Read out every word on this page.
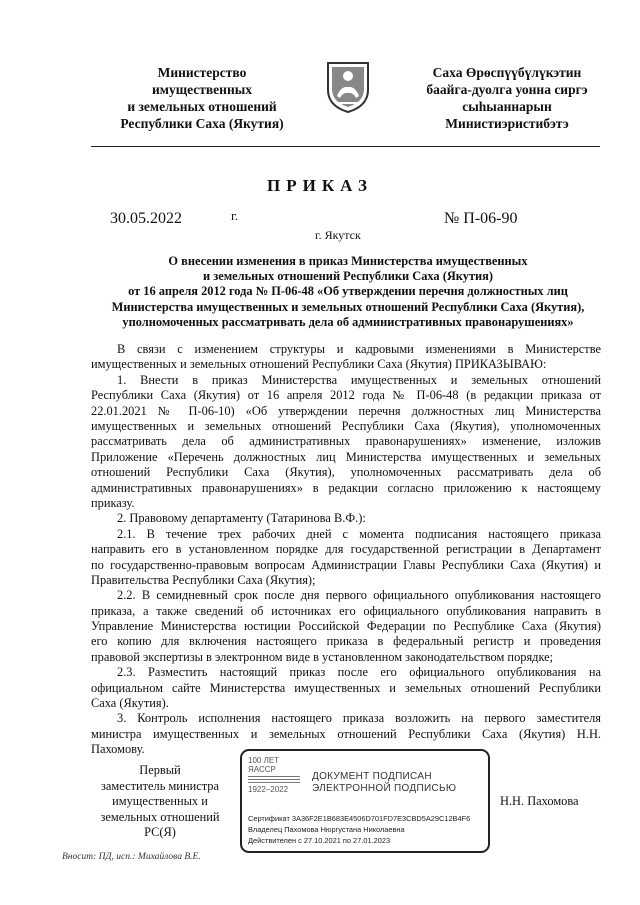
Министерство
имущественных
и земельных отношений
Республики Саха (Якутия)
Саха Өрөспүүбүлүкэтин
баайга-дуолга уонна сиргэ
сыһыаннарын
Министиэристибэтэ
ПРИКАЗ
30.05.2022	г.	№ П-06-90
г. Якутск
О внесении изменения в приказ Министерства имущественных
и земельных отношений Республики Саха (Якутия)
от 16 апреля 2012 года № П-06-48 «Об утверждении перечня должностных лиц
Министерства имущественных и земельных отношений Республики Саха (Якутия),
уполномоченных рассматривать дела об административных правонарушениях»
В связи с изменением структуры и кадровыми изменениями в Министерстве
имущественных и земельных отношений Республики Саха (Якутия) ПРИКАЗЫВАЮ:
1. Внести в приказ Министерства имущественных и земельных отношений
Республики Саха (Якутия) от 16 апреля 2012 года № П-06-48 (в редакции приказа от
22.01.2021 № П-06-10) «Об утверждении перечня должностных лиц Министерства
имущественных и земельных отношений Республики Саха (Якутия), уполномоченных
рассматривать дела об административных правонарушениях» изменение, изложив
Приложение «Перечень должностных лиц Министерства имущественных и земельных
отношений Республики Саха (Якутия), уполномоченных рассматривать дела об
административных правонарушениях» в редакции согласно приложению к настоящему
приказу.
2. Правовому департаменту (Татаринова В.Ф.):
2.1. В течение трех рабочих дней с момента подписания настоящего приказа
направить его в установленном порядке для государственной регистрации в Департамент
по государственно-правовым вопросам Администрации Главы Республики Саха (Якутия) и
Правительства Республики Саха (Якутия);
2.2. В семидневный срок после дня первого официального опубликования настоящего
приказа, а также сведений об источниках его официального опубликования направить в
Управление Министерства юстиции Российской Федерации по Республике Саха (Якутия)
его копию для включения настоящего приказа в федеральный регистр и проведения
правовой экспертизы в электронном виде в установленном законодательством порядке;
2.3. Разместить настоящий приказ после его официального опубликования на
официальном сайте Министерства имущественных и земельных отношений Республики
Саха (Якутия).
3. Контроль исполнения настоящего приказа возложить на первого заместителя
министра имущественных и земельных отношений Республики Саха (Якутия) Н.Н.
Пахомову.
Первый
заместитель министра
имущественных и
земельных отношений
РС(Я)
100 ЛЕТ
ЯАССР
1922–2022
ДОКУМЕНТ ПОДПИСАН
ЭЛЕКТРОННОЙ ПОДПИСЬЮ
Сертификат 3A36F2E1B683E4506D701FD7E3CBD5A29C12B4F6
Владелец Пахомова Нюргустана Николаевна
Действителен с 27.10.2021 по 27.01.2023
Н.Н. Пахомова
Вносит: ПД, исп.: Михайлова В.Е.
